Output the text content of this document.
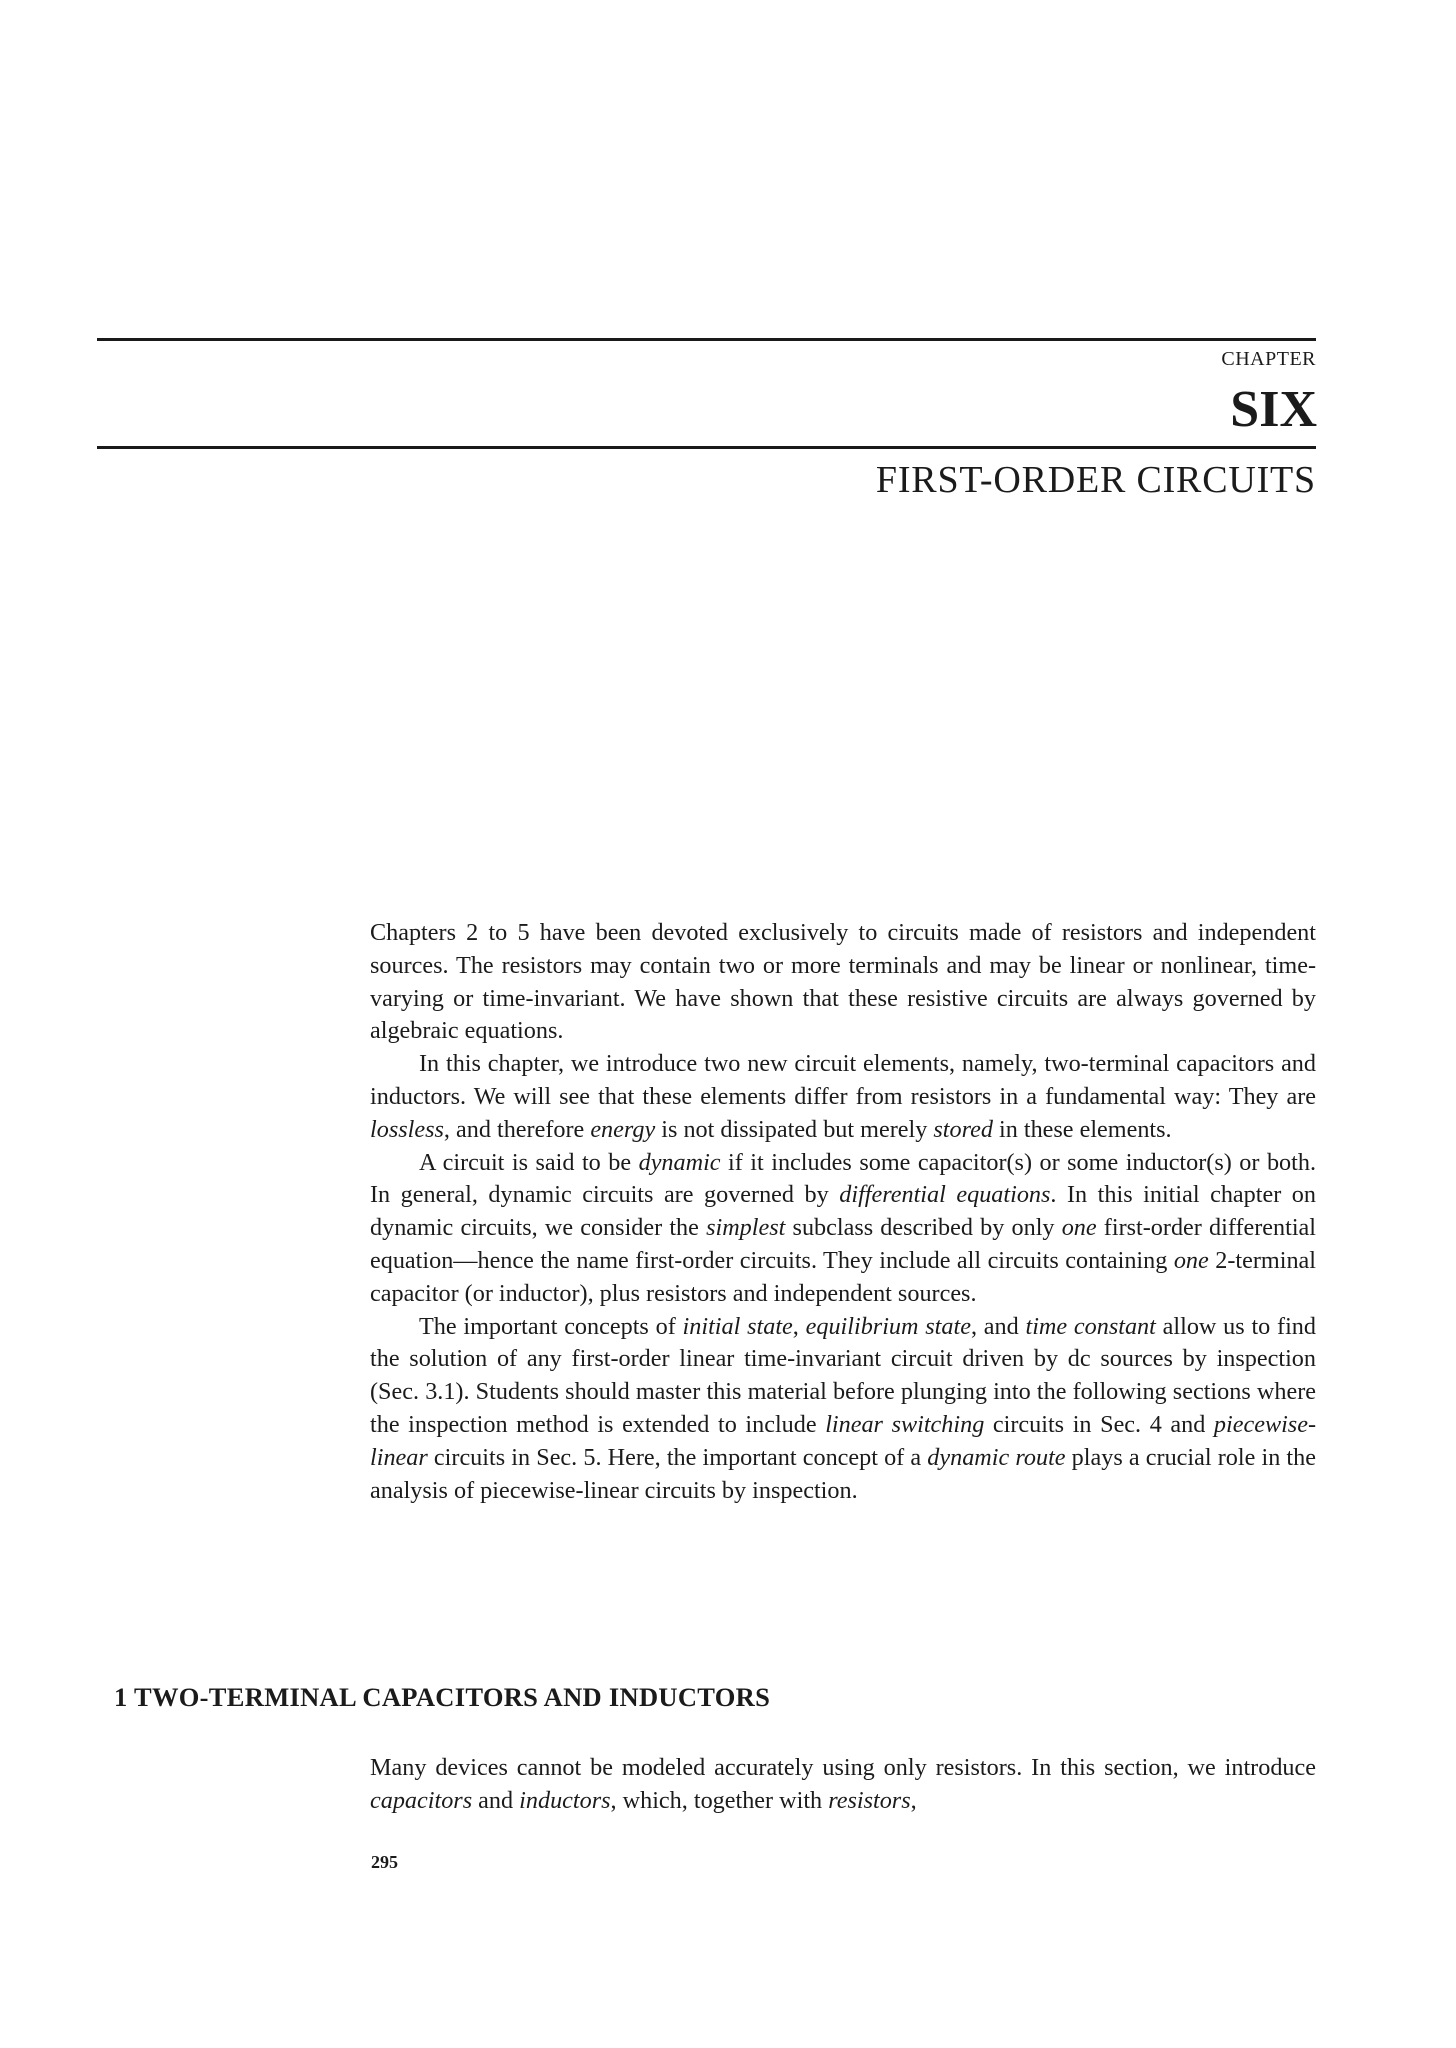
CHAPTER
SIX
FIRST-ORDER CIRCUITS

Chapters 2 to 5 have been devoted exclusively to circuits made of resistors and independent sources. The resistors may contain two or more terminals and may be linear or nonlinear, time-varying or time-invariant. We have shown that these resistive circuits are always governed by algebraic equations.

In this chapter, we introduce two new circuit elements, namely, two-terminal capacitors and inductors. We will see that these elements differ from resistors in a fundamental way: They are lossless, and therefore energy is not dissipated but merely stored in these elements.

A circuit is said to be dynamic if it includes some capacitor(s) or some inductor(s) or both. In general, dynamic circuits are governed by differential equations. In this initial chapter on dynamic circuits, we consider the simplest subclass described by only one first-order differential equation—hence the name first-order circuits. They include all circuits containing one 2-terminal capacitor (or inductor), plus resistors and independent sources.

The important concepts of initial state, equilibrium state, and time constant allow us to find the solution of any first-order linear time-invariant circuit driven by dc sources by inspection (Sec. 3.1). Students should master this material before plunging into the following sections where the inspection method is extended to include linear switching circuits in Sec. 4 and piecewise-linear circuits in Sec. 5. Here, the important concept of a dynamic route plays a crucial role in the analysis of piecewise-linear circuits by inspection.

1 TWO-TERMINAL CAPACITORS AND INDUCTORS

Many devices cannot be modeled accurately using only resistors. In this section, we introduce capacitors and inductors, which, together with resistors,

295
